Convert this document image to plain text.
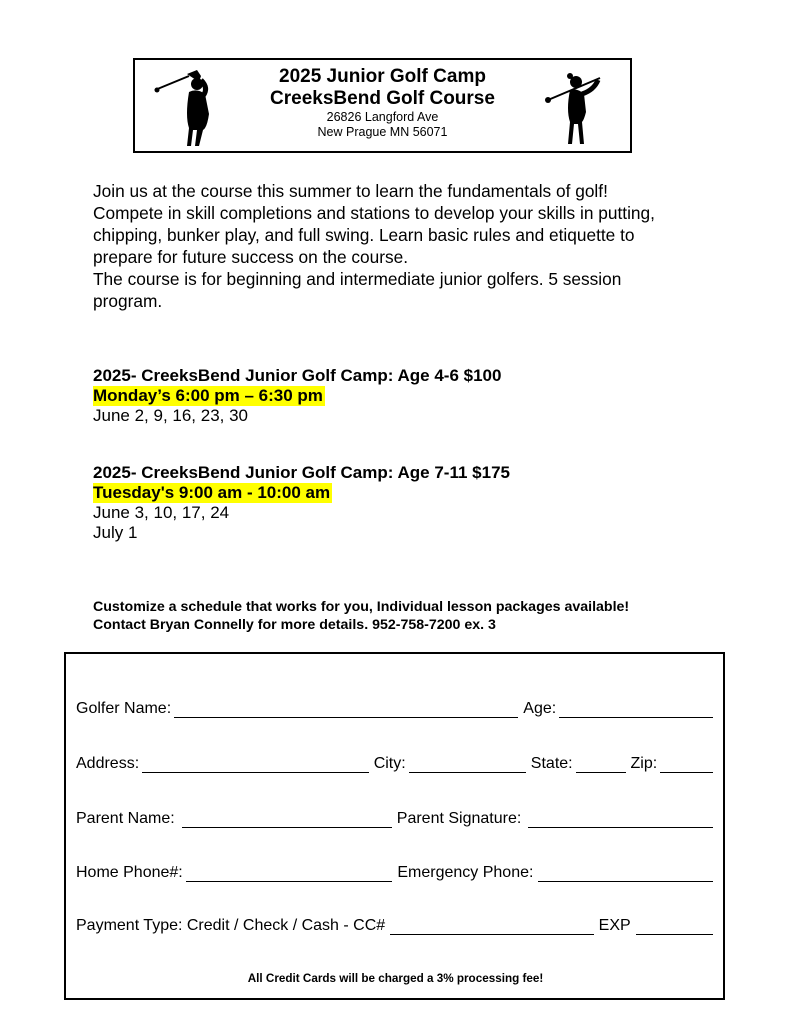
2025 Junior Golf Camp
CreeksBend Golf Course
26826 Langford Ave
New Prague MN 56071

Join us at the course this summer to learn the fundamentals of golf! Compete in skill completions and stations to develop your skills in putting, chipping, bunker play, and full swing. Learn basic rules and etiquette to prepare for future success on the course.

The course is for beginning and intermediate junior golfers. 5 session program.

2025- CreeksBend Junior Golf Camp: Age 4-6 $100
Monday’s 6:00 pm – 6:30 pm
June 2, 9, 16, 23, 30
2025- CreeksBend Junior Golf Camp: Age 7-11 $175
Tuesday's 9:00 am - 10:00 am
June 3, 10, 17, 24
July 1
Customize a schedule that works for you, Individual lesson packages available!
Contact Bryan Connelly for more details. 952-758-7200 ex. 3
Golfer Name:	Age:
Address:	City:	State:	Zip:
Parent Name:	Parent Signature:
Home Phone#:	Emergency Phone:
Payment Type: Credit / Check / Cash - CC#	EXP
All Credit Cards will be charged a 3% processing fee!
